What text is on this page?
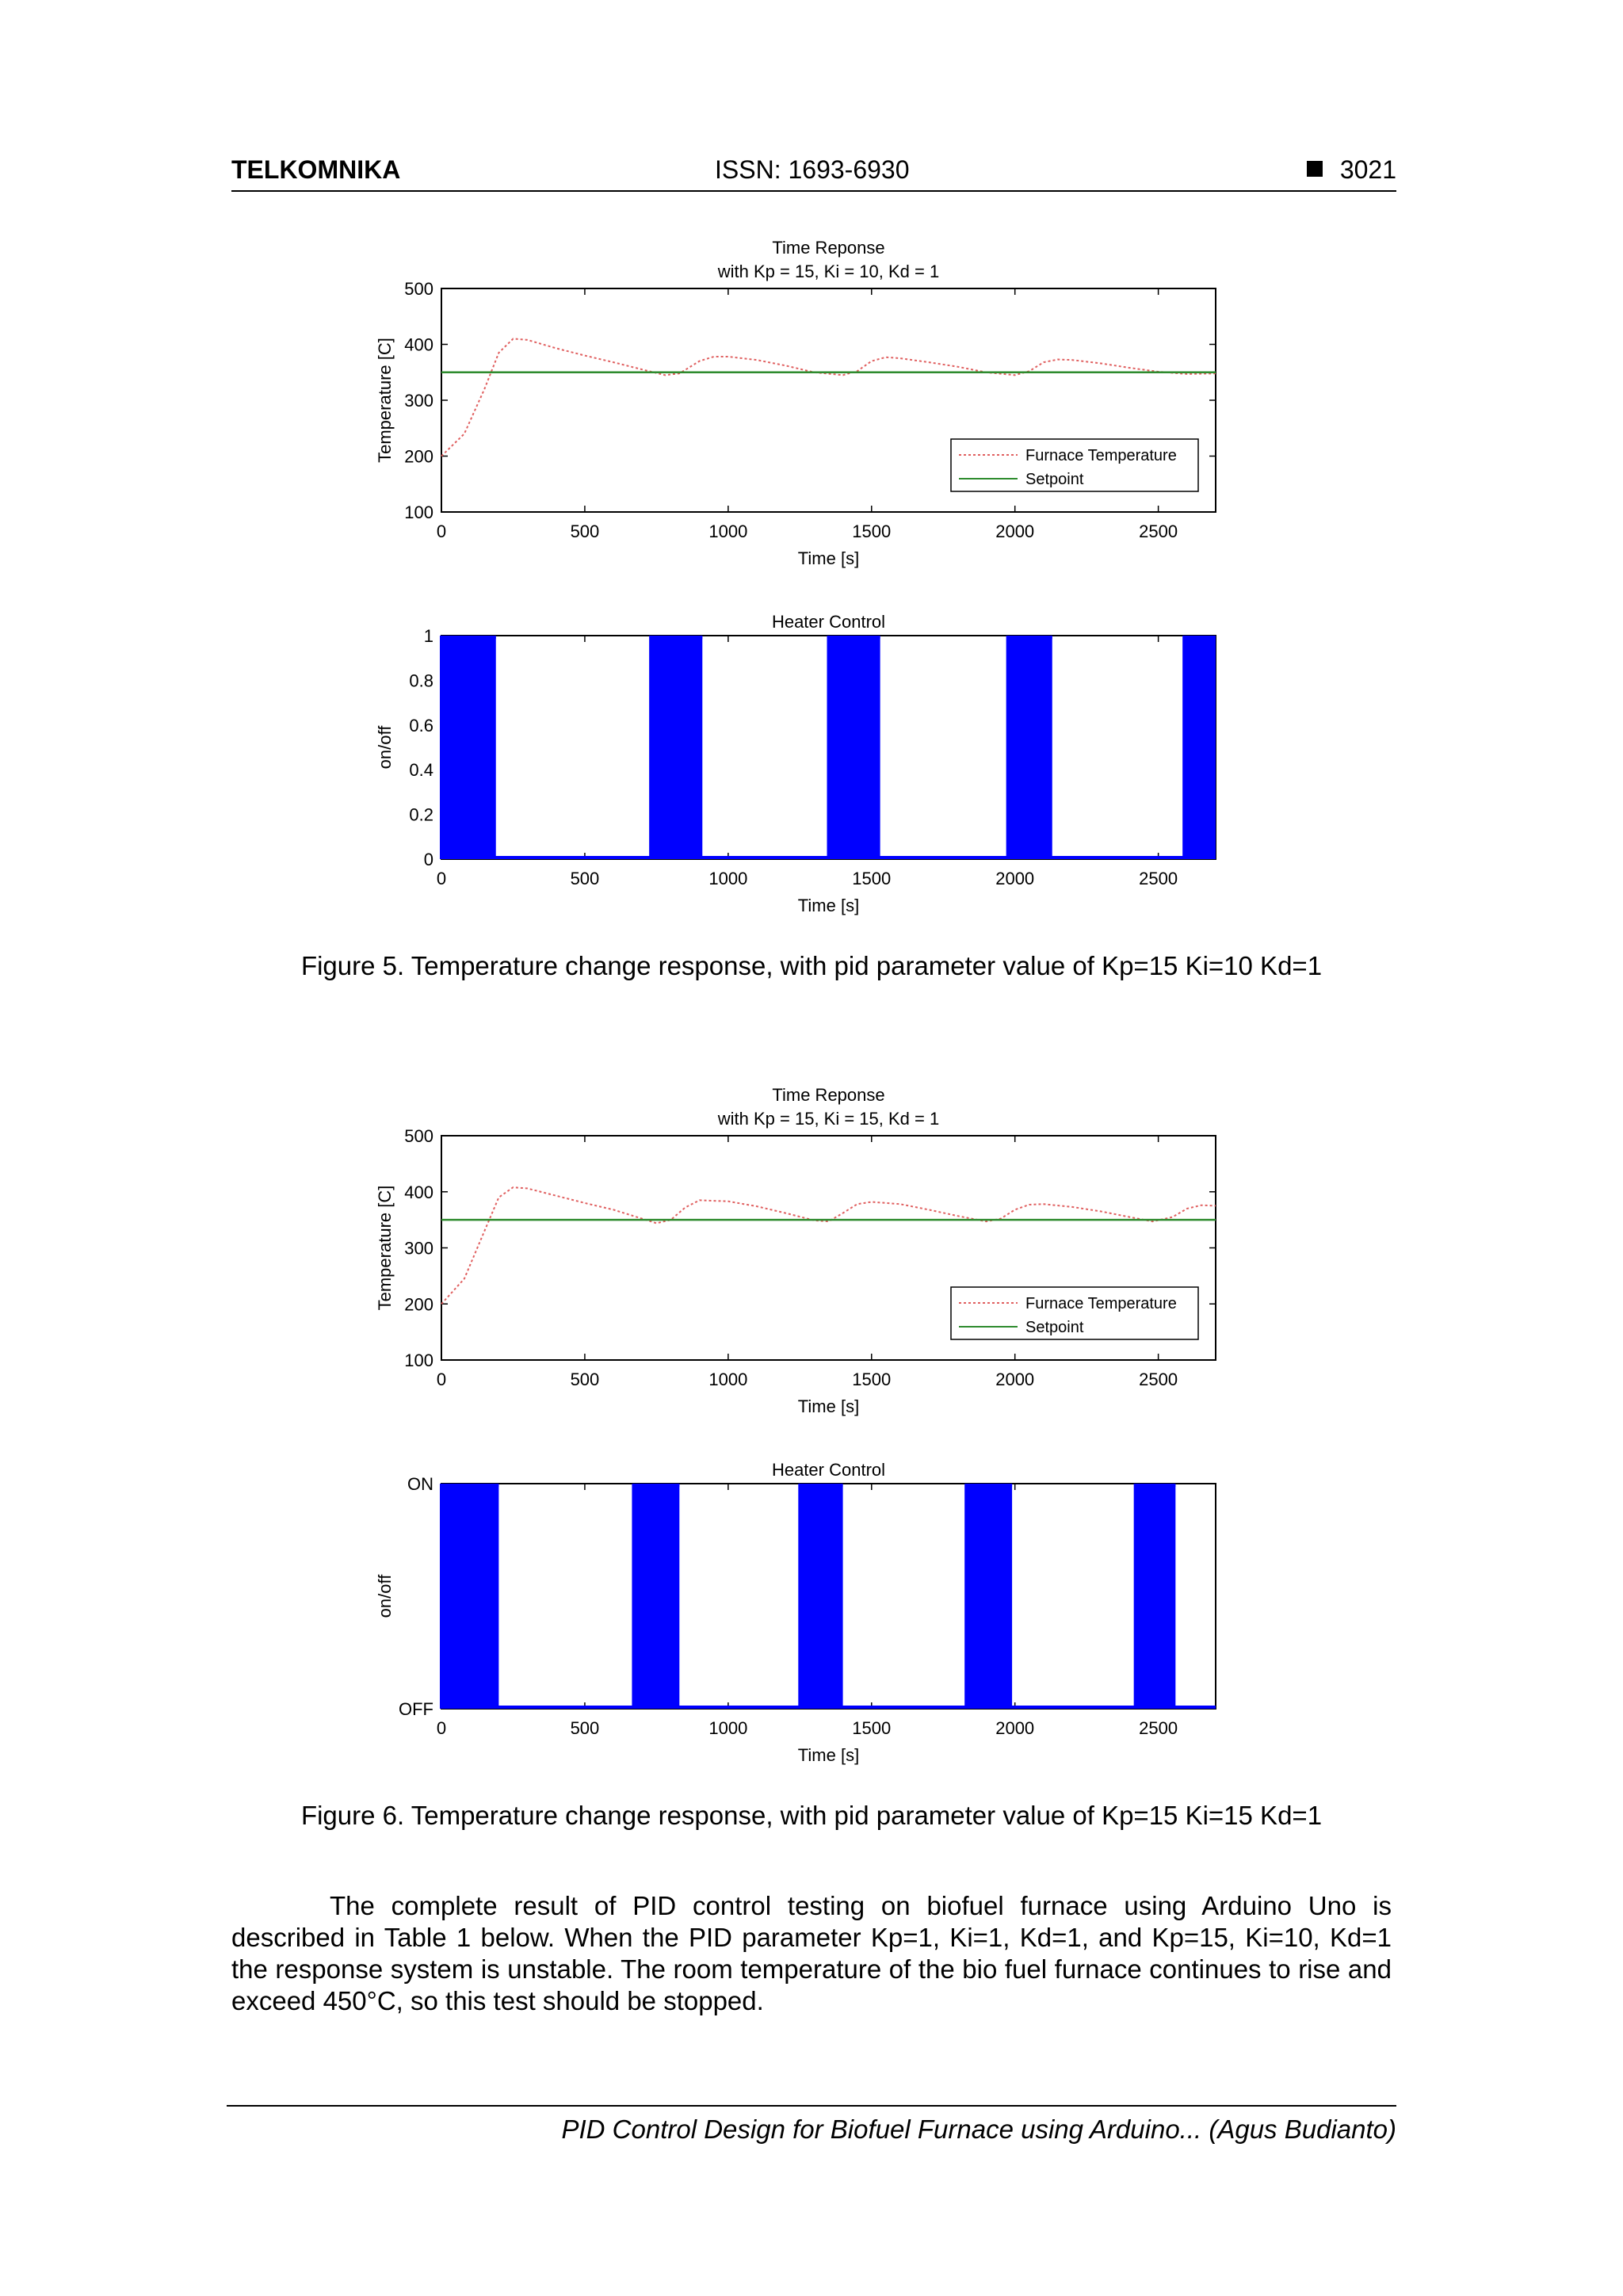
TELKOMNIKA	ISSN: 1693-6930	3021
0	500	1000	1500	2000	2500
100
200
300
400
500
Time Reponse
with Kp = 15, Ki = 10, Kd = 1
Time [s]
Temperature [C]	Furnace Temperature
Setpoint
0	500	1000	1500	2000	2500
0
0.2
0.4
0.6
0.8
1
Heater Control
Time [s]
on/off
Figure 5. Temperature change response, with pid parameter value of Kp=15 Ki=10 Kd=1
0	500	1000	1500	2000	2500
100
200
300
400
500
Time Reponse
with Kp = 15, Ki = 15, Kd = 1
Time [s]
Temperature [C]	Furnace Temperature
Setpoint
0	500	1000	1500	2000	2500
OFF
ON
Heater Control
Time [s]
on/off
Figure 6. Temperature change response, with pid parameter value of Kp=15 Ki=15 Kd=1
The complete result of PID control testing on biofuel furnace using Arduino Uno is described in Table 1 below. When the PID parameter Kp=1, Ki=1, Kd=1, and Kp=15, Ki=10, Kd=1 the response system is unstable. The room temperature of the bio fuel furnace continues to rise and exceed 450°C, so this test should be stopped.
PID Control Design for Biofuel Furnace using Arduino... (Agus Budianto)
